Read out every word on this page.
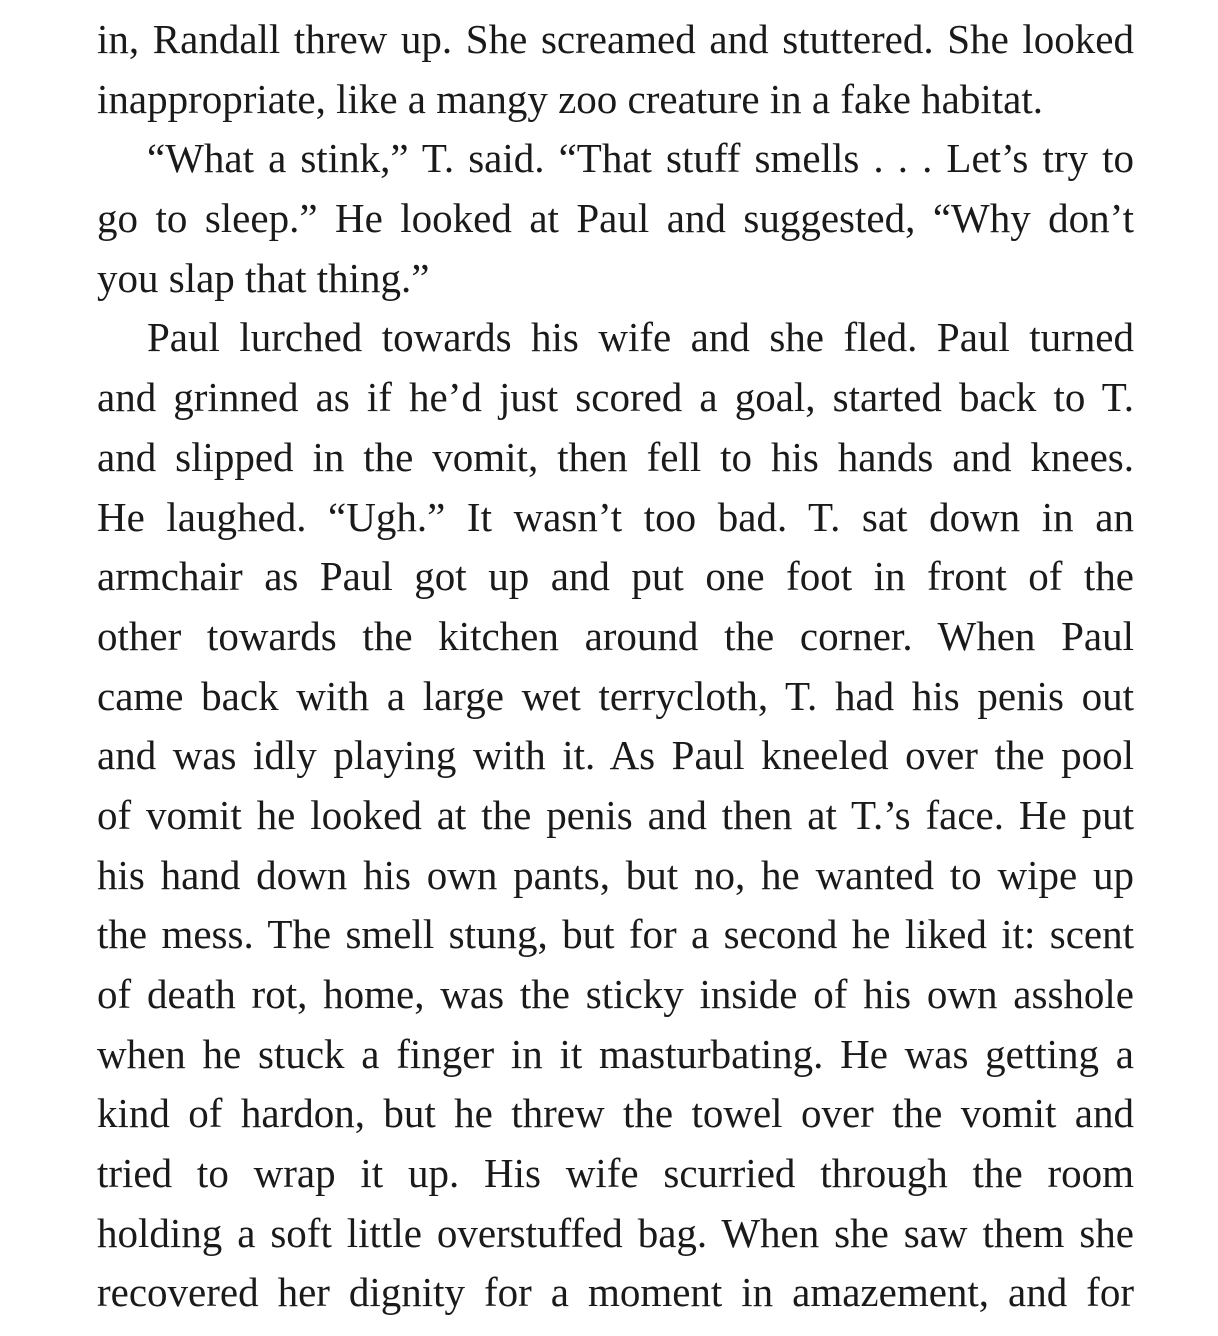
in, Randall threw up. She screamed and stuttered. She looked
inappropriate, like a mangy zoo creature in a fake habitat.
“What a stink,” T. said. “That stuff smells . . . Let’s try to
go to sleep.” He looked at Paul and suggested, “Why don’t
you slap that thing.”
Paul lurched towards his wife and she fled. Paul turned
and grinned as if he’d just scored a goal, started back to T.
and slipped in the vomit, then fell to his hands and knees.
He laughed. “Ugh.” It wasn’t too bad. T. sat down in an
armchair as Paul got up and put one foot in front of the
other towards the kitchen around the corner. When Paul
came back with a large wet terrycloth, T. had his penis out
and was idly playing with it. As Paul kneeled over the pool
of vomit he looked at the penis and then at T.’s face. He put
his hand down his own pants, but no, he wanted to wipe up
the mess. The smell stung, but for a second he liked it: scent
of death rot, home, was the sticky inside of his own asshole
when he stuck a finger in it masturbating. He was getting a
kind of hardon, but he threw the towel over the vomit and
tried to wrap it up. His wife scurried through the room
holding a soft little overstuffed bag. When she saw them she
recovered her dignity for a moment in amazement, and for
